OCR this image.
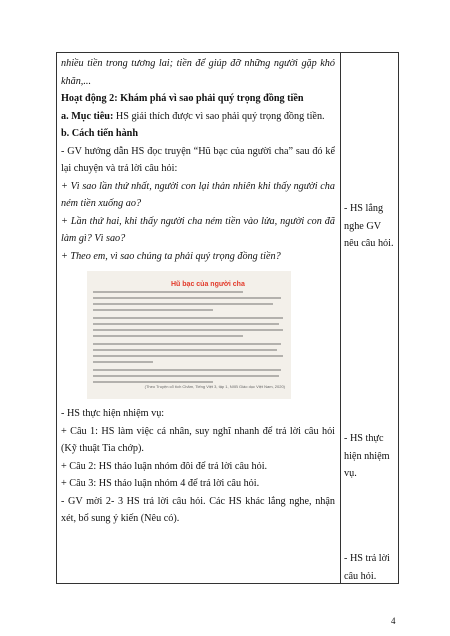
nhiều tiền trong tương lai; tiền để giúp đỡ những người gặp khó khăn,...

Hoạt động 2: Khám phá vì sao phải quý trọng đồng tiền

a. Mục tiêu: HS giải thích được vì sao phải quý trọng đồng tiền.

b. Cách tiến hành

- GV hướng dẫn HS đọc truyện “Hũ bạc của người cha” sau đó kể lại chuyện và trả lời câu hỏi:

+ Vì sao lần thứ nhất, người con lại thản nhiên khi thấy người cha ném tiền xuống ao?

+ Lần thứ hai, khi thấy người cha ném tiền vào lửa, người con đã làm gì? Vì sao?

+ Theo em, vì sao chúng ta phải quý trọng đồng tiền?

Hũ bạc của người cha
(Theo Truyện cổ tích Chăm, Tiếng Việt 3, tập 1, NXB Giáo dục Việt Nam, 2020)

- HS thực hiện nhiệm vụ:

+ Câu 1: HS làm việc cá nhân, suy nghĩ nhanh để trả lời câu hỏi (Kỹ thuật Tia chớp).

+ Câu 2: HS thảo luận nhóm đôi để trả lời câu hỏi.

+ Câu 3: HS thảo luận nhóm 4 để trả lời câu hỏi.

- GV mời 2- 3 HS trả lời câu hỏi. Các HS khác lắng nghe, nhận xét, bổ sung ý kiến (Nêu có).

- HS lắng nghe GV nêu câu hỏi.
- HS thực hiện nhiệm vụ.
- HS trả lời câu hỏi.
4
